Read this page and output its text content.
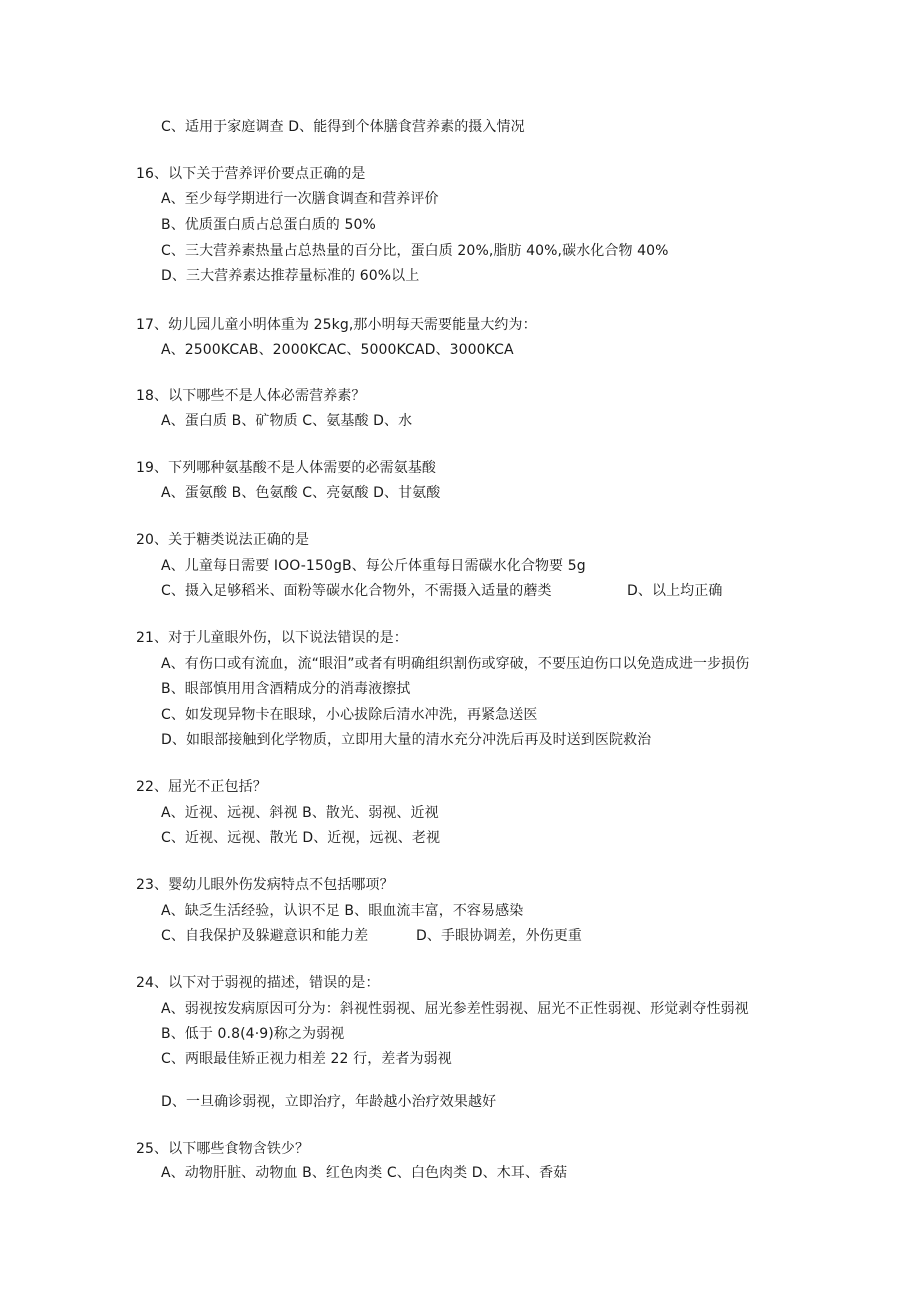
C、适用于家庭调查 D、能得到个体膳食营养素的摄入情况
16、以下关于营养评价要点正确的是
A、至少每学期进行一次膳食调查和营养评价
B、优质蛋白质占总蛋白质的 50%
C、三大营养素热量占总热量的百分比，蛋白质 20%,脂肪 40%,碳水化合物 40%
D、三大营养素达推荐量标准的 60%以上
17、幼儿园儿童小明体重为 25kg,那小明每天需要能量大约为：
A、2500KCAB、2000KCAC、5000KCAD、3000KCA
18、以下哪些不是人体必需营养素？
A、蛋白质 B、矿物质 C、氨基酸 D、水
19、下列哪种氨基酸不是人体需要的必需氨基酸
A、蛋氨酸 B、色氨酸 C、亮氨酸 D、甘氨酸
20、关于糖类说法正确的是
A、儿童每日需要 IOO-150gB、每公斤体重每日需碳水化合物要 5g
C、摄入足够稻米、面粉等碳水化合物外，不需摄入适量的蘑类	D、以上均正确
21、对于儿童眼外伤，以下说法错误的是：
A、有伤口或有流血，流“眼泪”或者有明确组织割伤或穿破，不要压迫伤口以免造成进一步损伤
B、眼部慎用用含酒精成分的消毒液擦拭
C、如发现异物卡在眼球，小心拔除后清水冲洗，再紧急送医
D、如眼部接触到化学物质，立即用大量的清水充分冲洗后再及时送到医院救治
22、屈光不正包括？
A、近视、远视、斜视 B、散光、弱视、近视
C、近视、远视、散光 D、近视，远视、老视
23、婴幼儿眼外伤发病特点不包括哪项？
A、缺乏生活经验，认识不足 B、眼血流丰富，不容易感染
C、自我保护及躲避意识和能力差	D、手眼协调差，外伤更重
24、以下对于弱视的描述，错误的是：
A、弱视按发病原因可分为：斜视性弱视、屈光参差性弱视、屈光不正性弱视、形觉剥夺性弱视
B、低于 0.8(4·9)称之为弱视
C、两眼最佳矫正视力相差 22 行，差者为弱视
D、一旦确诊弱视，立即治疗，年龄越小治疗效果越好
25、以下哪些食物含铁少？
A、动物肝脏、动物血 B、红色肉类 C、白色肉类 D、木耳、香菇
